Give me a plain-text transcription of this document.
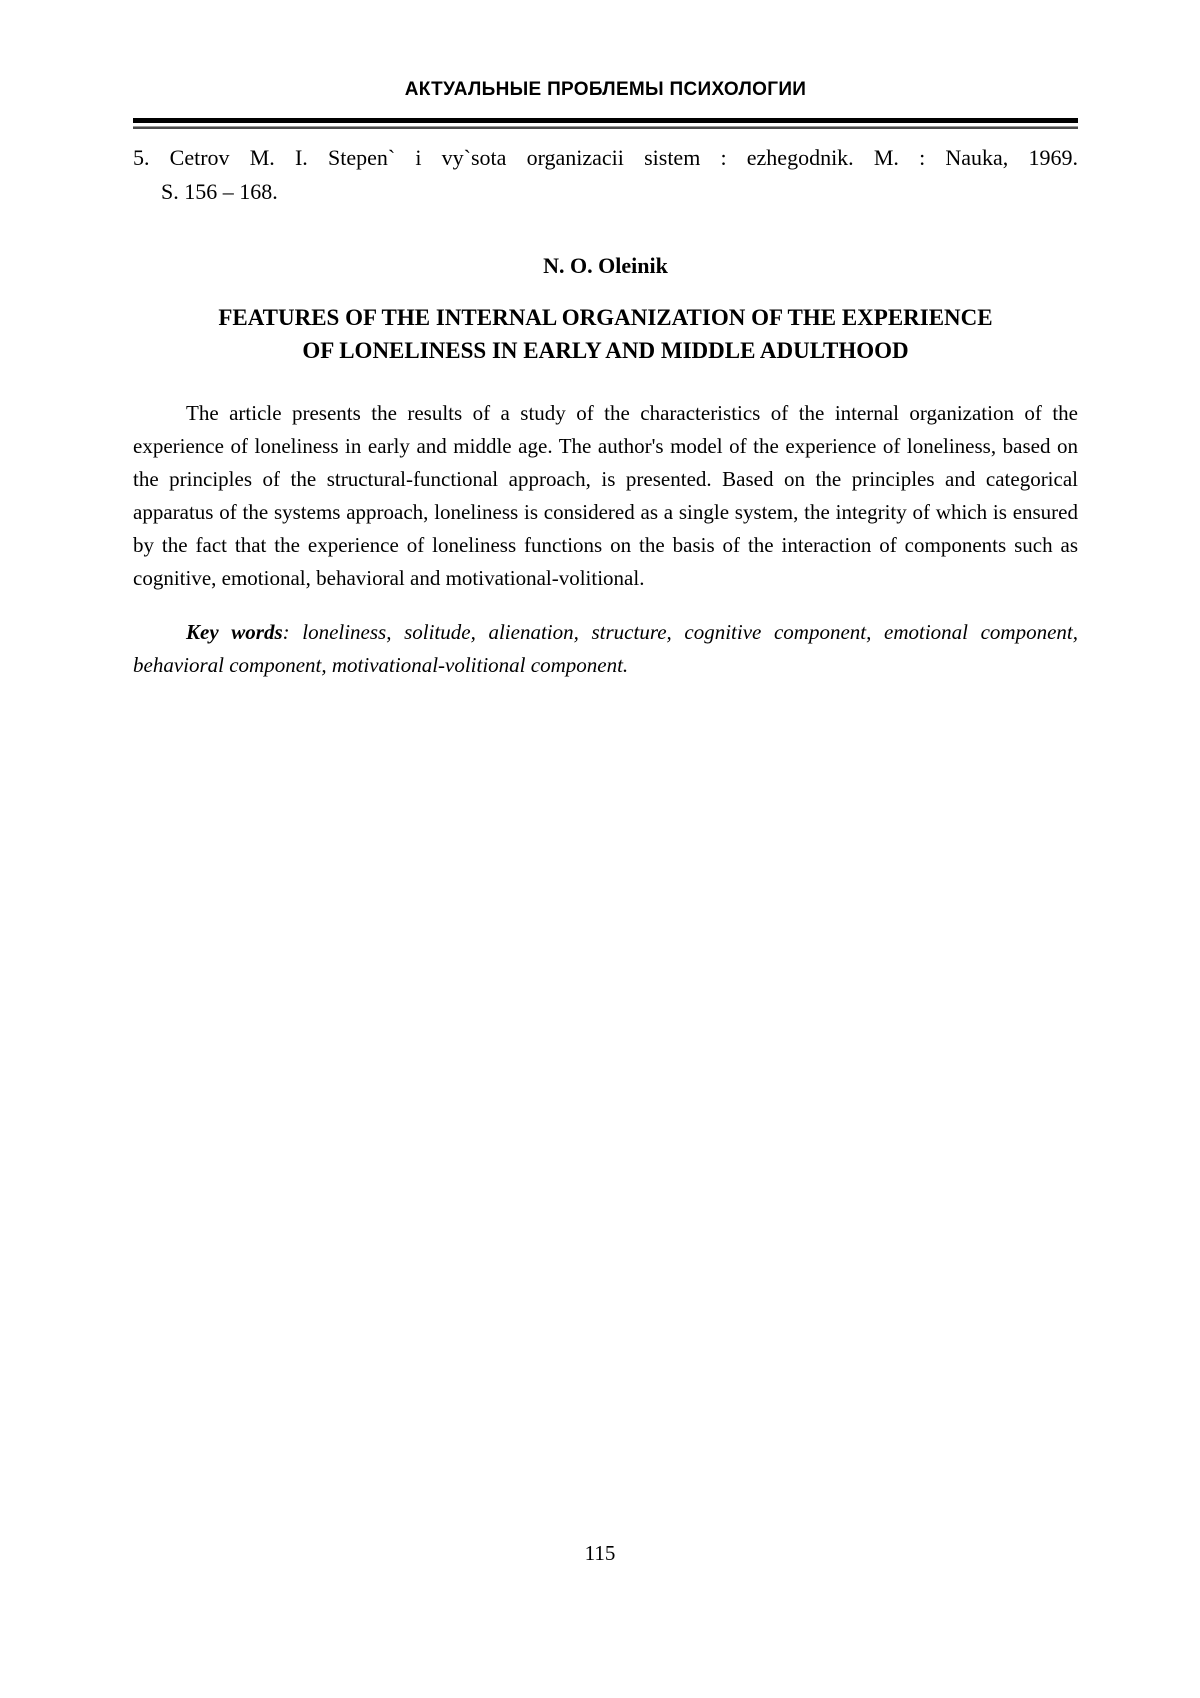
АКТУАЛЬНЫЕ ПРОБЛЕМЫ ПСИХОЛОГИИ
5. Cetrov M. I. Stepen` i vy`sota organizacii sistem : ezhegodnik. M. : Nauka, 1969.
S. 156 – 168.
N. O. Oleinik
FEATURES OF THE INTERNAL ORGANIZATION OF THE EXPERIENCE
OF LONELINESS IN EARLY AND MIDDLE ADULTHOOD

The article presents the results of a study of the characteristics of the internal organization of the experience of loneliness in early and middle age. The author's model of the experience of loneliness, based on the principles of the structural-functional approach, is presented. Based on the principles and categorical apparatus of the systems approach, loneliness is considered as a single system, the integrity of which is ensured by the fact that the experience of loneliness functions on the basis of the interaction of components such as cognitive, emotional, behavioral and motivational-volitional.

Key words: loneliness, solitude, alienation, structure, cognitive component, emotional component, behavioral component, motivational-volitional component.

115
